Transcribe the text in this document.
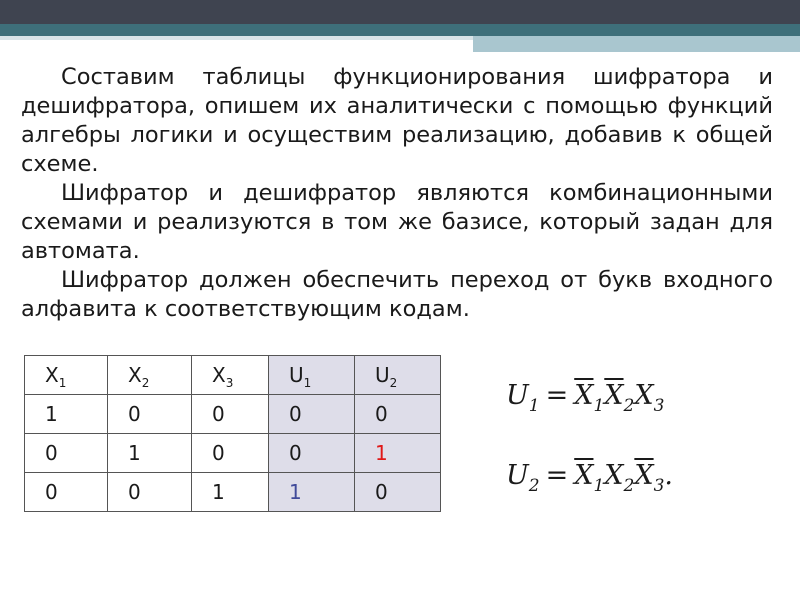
Составим таблицы функционирования шифратора и дешифратора, опишем их аналитически с помощью функций алгебры логики и осуществим реализацию, добавив к общей схеме.

Шифратор и дешифратор являются комбинационными схемами и реализуются в том же базисе, который задан для автомата.

Шифратор должен обеспечить переход от букв входного алфавита к соответствующим кодам.

$X_1$	$X_2$	$X_3$	$U_1$	$U_2$
1	0	0	0	0
0	1	0	0	1
0	0	1	1	0
$U_1 = \overline{X}_1\overline{X}_2X_3$
$U_2 = \overline{X}_1X_2\overline{X}_3$.
